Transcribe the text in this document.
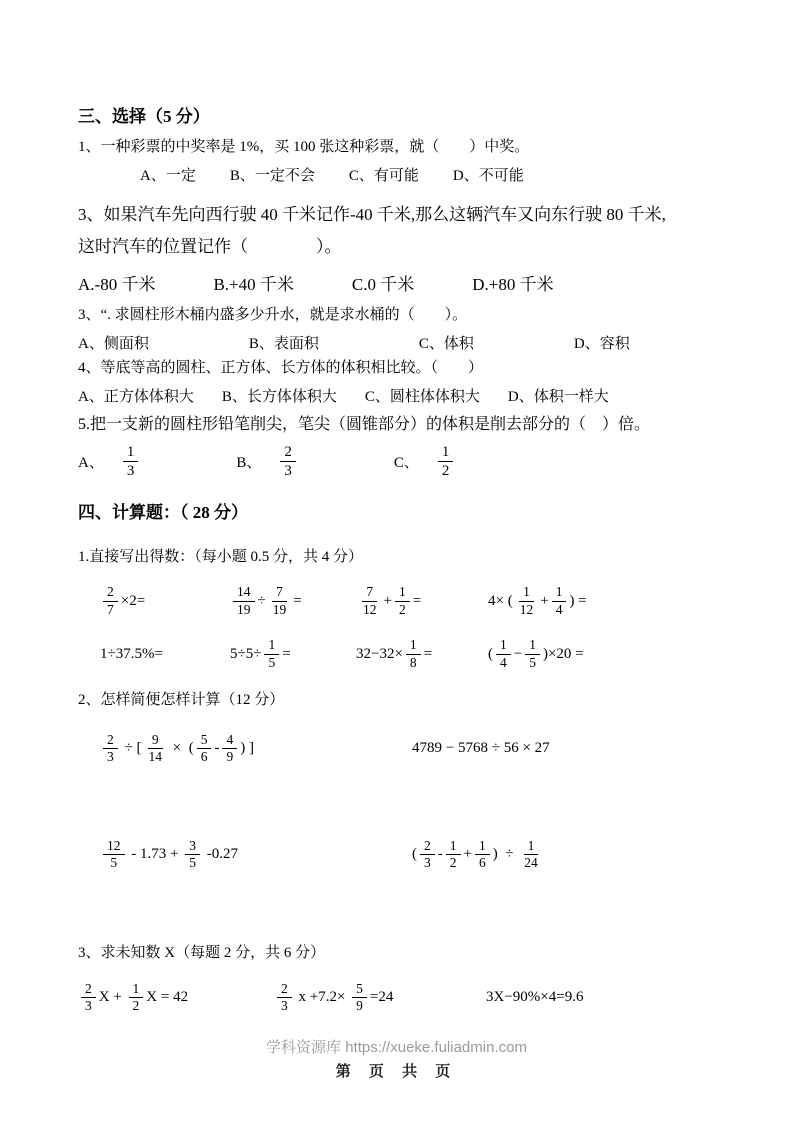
三、选择（5 分）
1、一种彩票的中奖率是 1%，买 100 张这种彩票，就（　　）中奖。
A、一定 B、一定不会 C、有可能 D、不可能
3、如果汽车先向西行驶 40 千米记作-40 千米,那么这辆汽车又向东行驶 80 千米,
这时汽车的位置记作（　　　　）。
A.-80 千米	B.+40 千米	C.0 千米	D.+80 千米
3、“. 求圆柱形木桶内盛多少升水，就是求水桶的（　　）。
A、侧面积	B、表面积	C、体积	D、容积
4、等底等高的圆柱、正方体、长方体的体积相比较。（　　）
A、正方体体积大 B、长方体体积大 C、圆柱体体积大 D、体积一样大
5.把一支新的圆柱形铅笔削尖，笔尖（圆锥部分）的体积是削去部分的（　）倍。
A、 $\frac{1}{3}$	B、 $\frac{2}{3}$	C、 $\frac{1}{2}$
四、计算题：（ 28 分）
1.直接写出得数：（每小题 0.5 分，共 4 分）
$\frac{2}{7} \times 2=$	$\frac{14}{19} \div \frac{7}{19}$ =	$\frac{7}{12} + \frac{1}{2}$ =	4× ( $\frac{1}{12} + \frac{1}{4}$ ) =
1÷37.5%=	$5\div 5\div \frac{1}{5}$ =	$32-32\times \frac{1}{8}$ =	( $\frac{1}{4} - \frac{1}{5} )\times 20$ =
2、怎样简便怎样计算（12 分）
$\frac{2}{3}$ ÷ [ $\frac{9}{14}$ ×  ( $\frac{5}{6} - \frac{4}{9}$ ) ]	4789 − 5768 ÷ 56 × 27
$\frac{12}{5} - 1.73 + \frac{3}{5} -0.27$	( $\frac{2}{3} - \frac{1}{2} + \frac{1}{6}$ )  ÷ $\frac{1}{24}$
3、求未知数 X（每题 2 分，共 6 分）
$\frac{2}{3}$ $X + \frac{1}{2}$ X = 42	$\frac{2}{3}$ $x +7.2\times \frac{5}{9} =24$	3X−90%×4=9.6
学科资源库 https://xueke.fuliadmin.com
第 页 共 页
